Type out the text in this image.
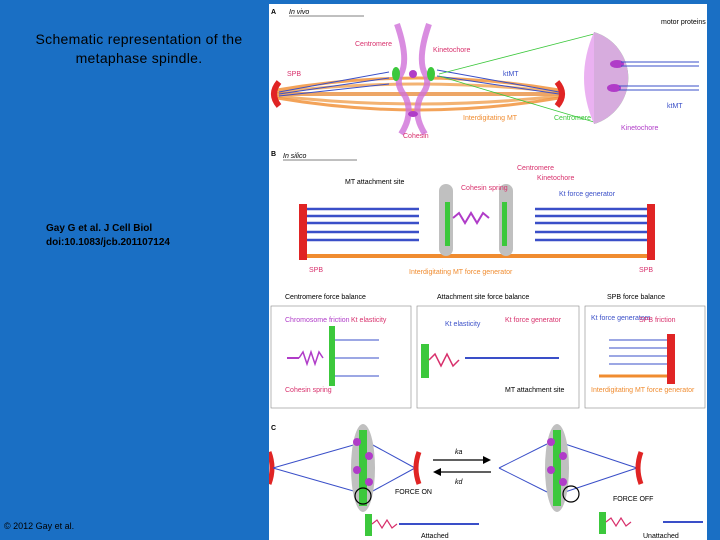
Schematic representation of the
metaphase spindle.
Gay G et al. J Cell Biol
doi:10.1083/jcb.201107124
© 2012 Gay et al.
A In vivo
Centromere
Kinetochore
SPB	ktMT
Cohesin
Interdigitating MT
motor proteins
ktMT
Centromere
Kinetochore
B In silico
Centromere
Kinetochore
MT attachment site
Cohesin spring
Kt force generator
SPB	SPB
Interdigitating MT force generator
Centromere force balance	Attachment site force balance	SPB force balance
Chromosome friction Kt elasticity
Cohesin spring
Kt elasticity
Kt force generator
MT attachment site
Kt force generators
SPB friction
Interdigitating MT force generator
C
ka
kd
FORCE ON
FORCE OFF
Attached	Unattached
